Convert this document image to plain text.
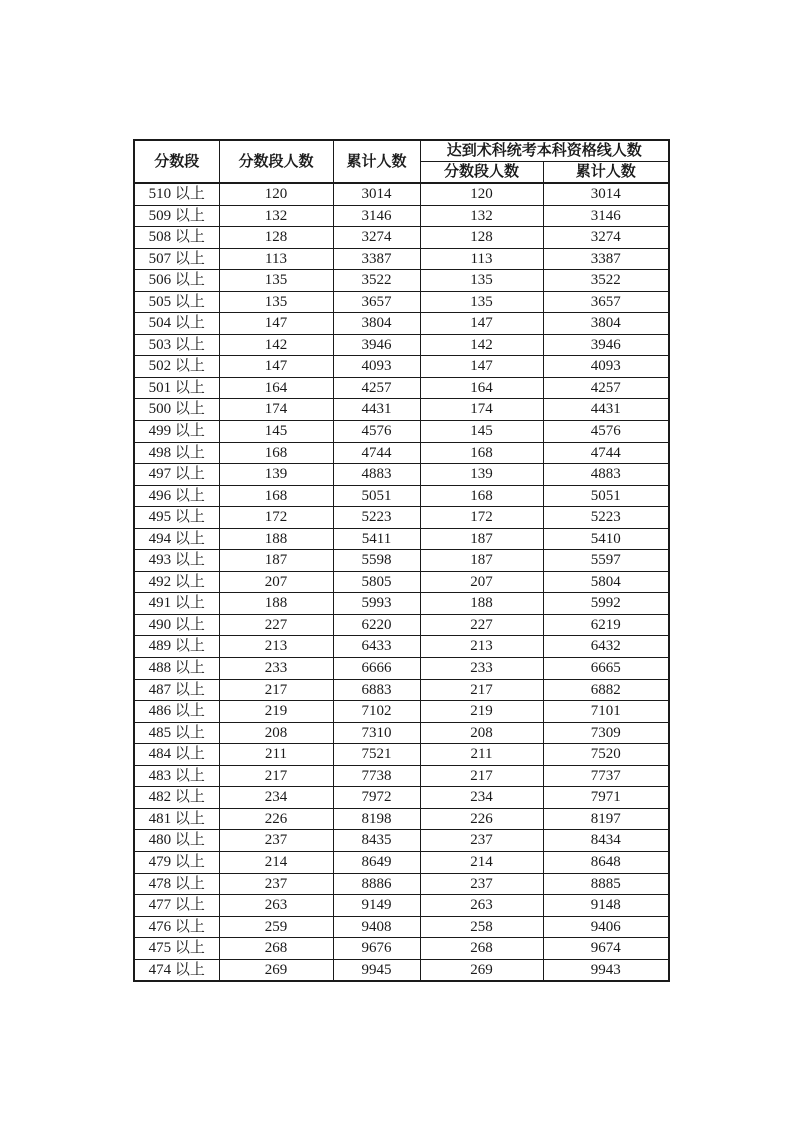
分数段	分数段人数	累计人数	达到术科统考本科资格线人数	
			分数段人数	累计人数
510 以上	120	3014	120	3014
509 以上	132	3146	132	3146
508 以上	128	3274	128	3274
507 以上	113	3387	113	3387
506 以上	135	3522	135	3522
505 以上	135	3657	135	3657
504 以上	147	3804	147	3804
503 以上	142	3946	142	3946
502 以上	147	4093	147	4093
501 以上	164	4257	164	4257
500 以上	174	4431	174	4431
499 以上	145	4576	145	4576
498 以上	168	4744	168	4744
497 以上	139	4883	139	4883
496 以上	168	5051	168	5051
495 以上	172	5223	172	5223
494 以上	188	5411	187	5410
493 以上	187	5598	187	5597
492 以上	207	5805	207	5804
491 以上	188	5993	188	5992
490 以上	227	6220	227	6219
489 以上	213	6433	213	6432
488 以上	233	6666	233	6665
487 以上	217	6883	217	6882
486 以上	219	7102	219	7101
485 以上	208	7310	208	7309
484 以上	211	7521	211	7520
483 以上	217	7738	217	7737
482 以上	234	7972	234	7971
481 以上	226	8198	226	8197
480 以上	237	8435	237	8434
479 以上	214	8649	214	8648
478 以上	237	8886	237	8885
477 以上	263	9149	263	9148
476 以上	259	9408	258	9406
475 以上	268	9676	268	9674
474 以上	269	9945	269	9943
